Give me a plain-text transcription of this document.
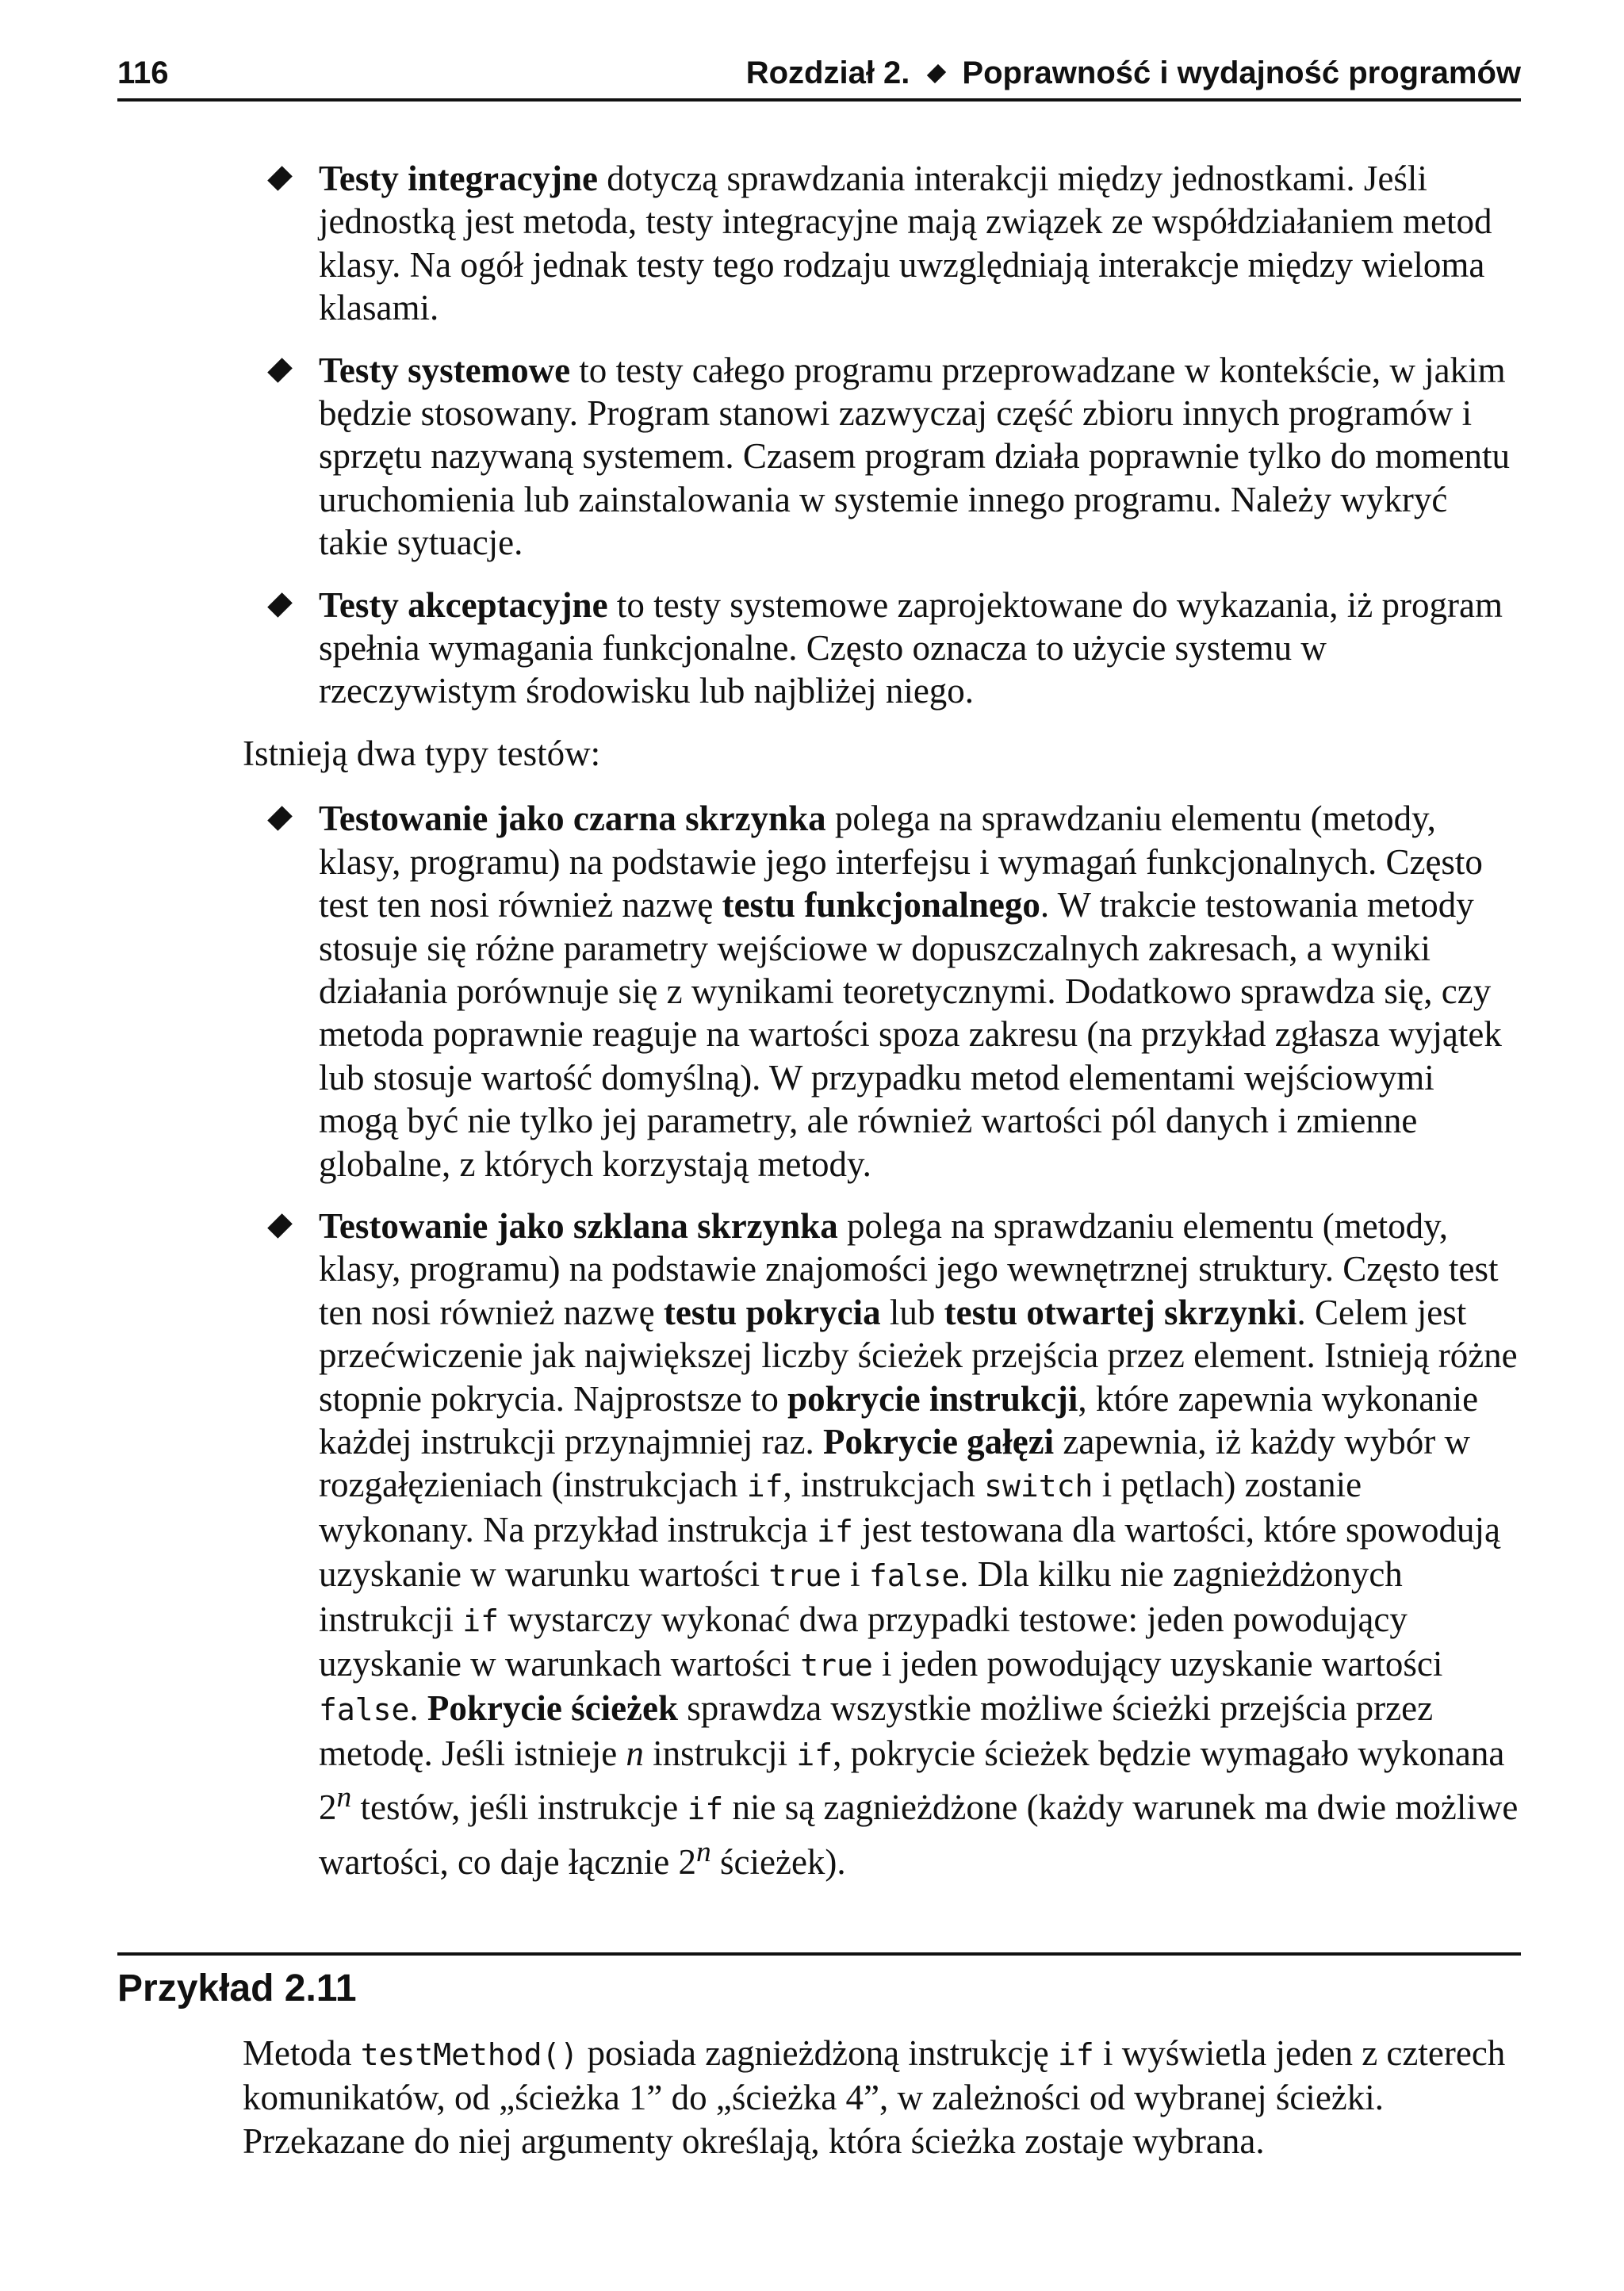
116	Rozdział 2. Poprawność i wydajność programów

Testy integracyjne dotyczą sprawdzania interakcji między jednostkami. Jeśli jednostką jest metoda, testy integracyjne mają związek ze współdziałaniem metod klasy. Na ogół jednak testy tego rodzaju uwzględniają interakcje między wieloma klasami.

Testy systemowe to testy całego programu przeprowadzane w kontekście, w jakim będzie stosowany. Program stanowi zazwyczaj część zbioru innych programów i sprzętu nazywaną systemem. Czasem program działa poprawnie tylko do momentu uruchomienia lub zainstalowania w systemie innego programu. Należy wykryć takie sytuacje.

Testy akceptacyjne to testy systemowe zaprojektowane do wykazania, iż program spełnia wymagania funkcjonalne. Często oznacza to użycie systemu w rzeczywistym środowisku lub najbliżej niego.

Istnieją dwa typy testów:

Testowanie jako czarna skrzynka polega na sprawdzaniu elementu (metody, klasy, programu) na podstawie jego interfejsu i wymagań funkcjonalnych. Często test ten nosi również nazwę testu funkcjonalnego. W trakcie testowania metody stosuje się różne parametry wejściowe w dopuszczalnych zakresach, a wyniki działania porównuje się z wynikami teoretycznymi. Dodatkowo sprawdza się, czy metoda poprawnie reaguje na wartości spoza zakresu (na przykład zgłasza wyjątek lub stosuje wartość domyślną). W przypadku metod elementami wejściowymi mogą być nie tylko jej parametry, ale również wartości pól danych i zmienne globalne, z których korzystają metody.

Testowanie jako szklana skrzynka polega na sprawdzaniu elementu (metody, klasy, programu) na podstawie znajomości jego wewnętrznej struktury. Często test ten nosi również nazwę testu pokrycia lub testu otwartej skrzynki. Celem jest przećwiczenie jak największej liczby ścieżek przejścia przez element. Istnieją różne stopnie pokrycia. Najprostsze to pokrycie instrukcji, które zapewnia wykonanie każdej instrukcji przynajmniej raz. Pokrycie gałęzi zapewnia, iż każdy wybór w rozgałęzieniach (instrukcjach if, instrukcjach switch i pętlach) zostanie wykonany. Na przykład instrukcja if jest testowana dla wartości, które spowodują uzyskanie w warunku wartości true i false. Dla kilku nie zagnieżdżonych instrukcji if wystarczy wykonać dwa przypadki testowe: jeden powodujący uzyskanie w warunkach wartości true i jeden powodujący uzyskanie wartości false. Pokrycie ścieżek sprawdza wszystkie możliwe ścieżki przejścia przez metodę. Jeśli istnieje n instrukcji if, pokrycie ścieżek będzie wymagało wykonana 2$^n$ testów, jeśli instrukcje if nie są zagnieżdżone (każdy warunek ma dwie możliwe wartości, co daje łącznie 2$^n$ ścieżek).

Przykład 2.11

Metoda testMethod() posiada zagnieżdżoną instrukcję if i wyświetla jeden z czterech komunikatów, od „ścieżka 1” do „ścieżka 4”, w zależności od wybranej ścieżki. Przekazane do niej argumenty określają, która ścieżka zostaje wybrana.
